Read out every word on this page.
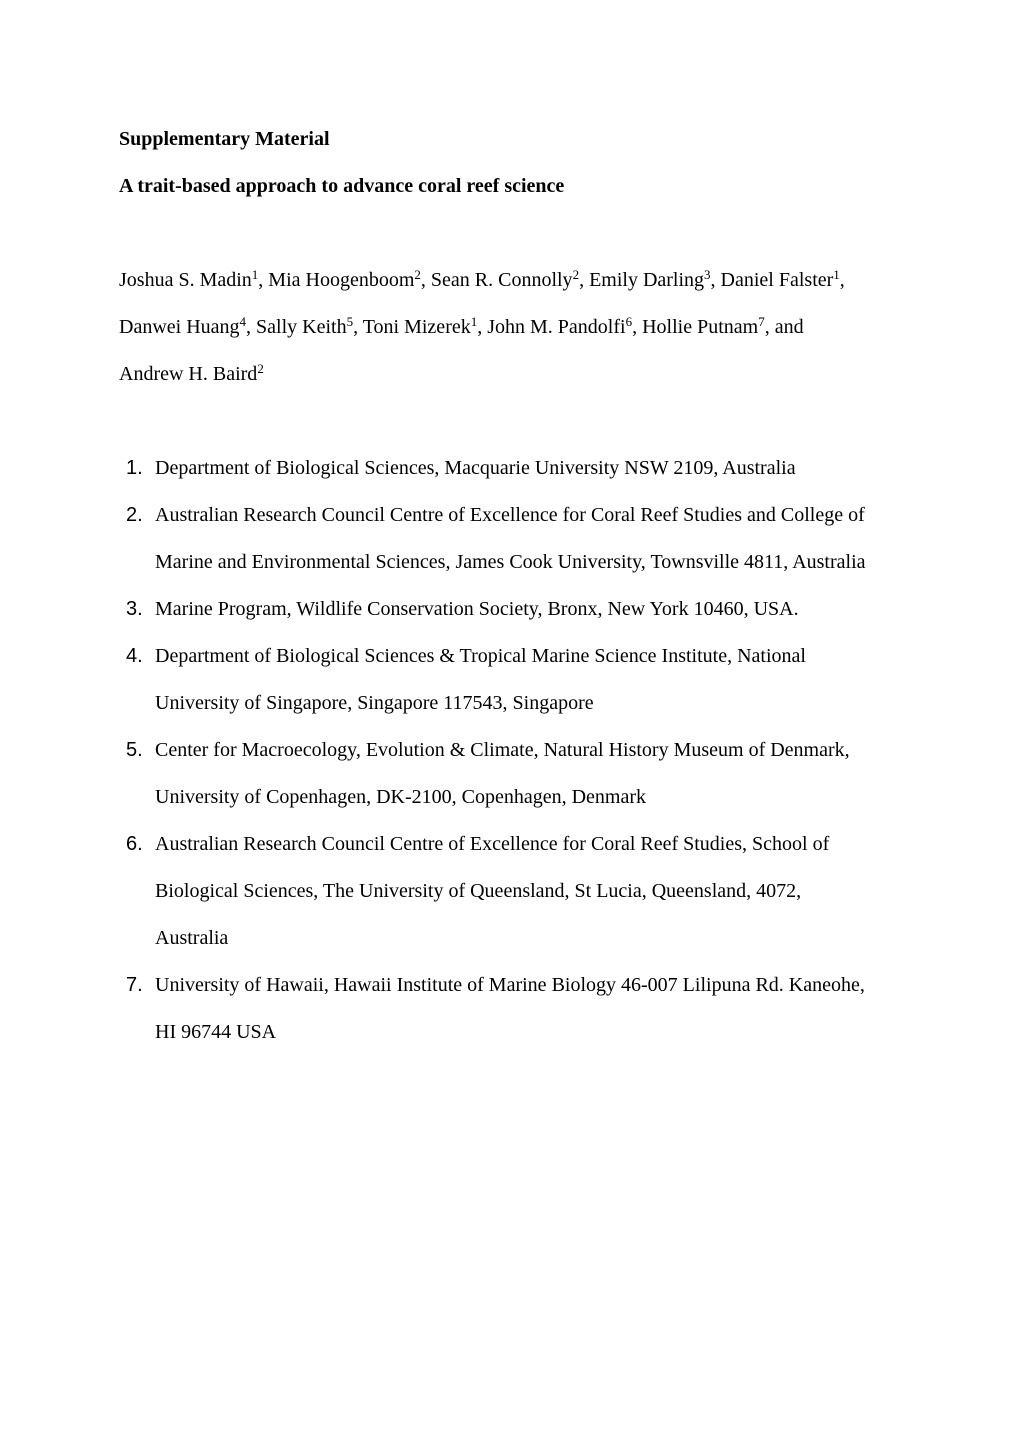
Supplementary Material
A trait-based approach to advance coral reef science
Joshua S. Madin$^1$, Mia Hoogenboom$^2$, Sean R. Connolly$^2$, Emily Darling$^3$, Daniel Falster$^1$,
Danwei Huang$^4$, Sally Keith$^5$, Toni Mizerek$^1$, John M. Pandolfi$^6$, Hollie Putnam$^7$, and
Andrew H. Baird$^2$
1. Department of Biological Sciences, Macquarie University NSW 2109, Australia
2. Australian Research Council Centre of Excellence for Coral Reef Studies and College of
Marine and Environmental Sciences, James Cook University, Townsville 4811, Australia
3. Marine Program, Wildlife Conservation Society, Bronx, New York 10460, USA.
4. Department of Biological Sciences & Tropical Marine Science Institute, National
University of Singapore, Singapore 117543, Singapore
5. Center for Macroecology, Evolution & Climate, Natural History Museum of Denmark,
University of Copenhagen, DK-2100, Copenhagen, Denmark
6. Australian Research Council Centre of Excellence for Coral Reef Studies, School of
Biological Sciences, The University of Queensland, St Lucia, Queensland, 4072,
Australia
7. University of Hawaii, Hawaii Institute of Marine Biology 46-007 Lilipuna Rd. Kaneohe,
HI 96744 USA
